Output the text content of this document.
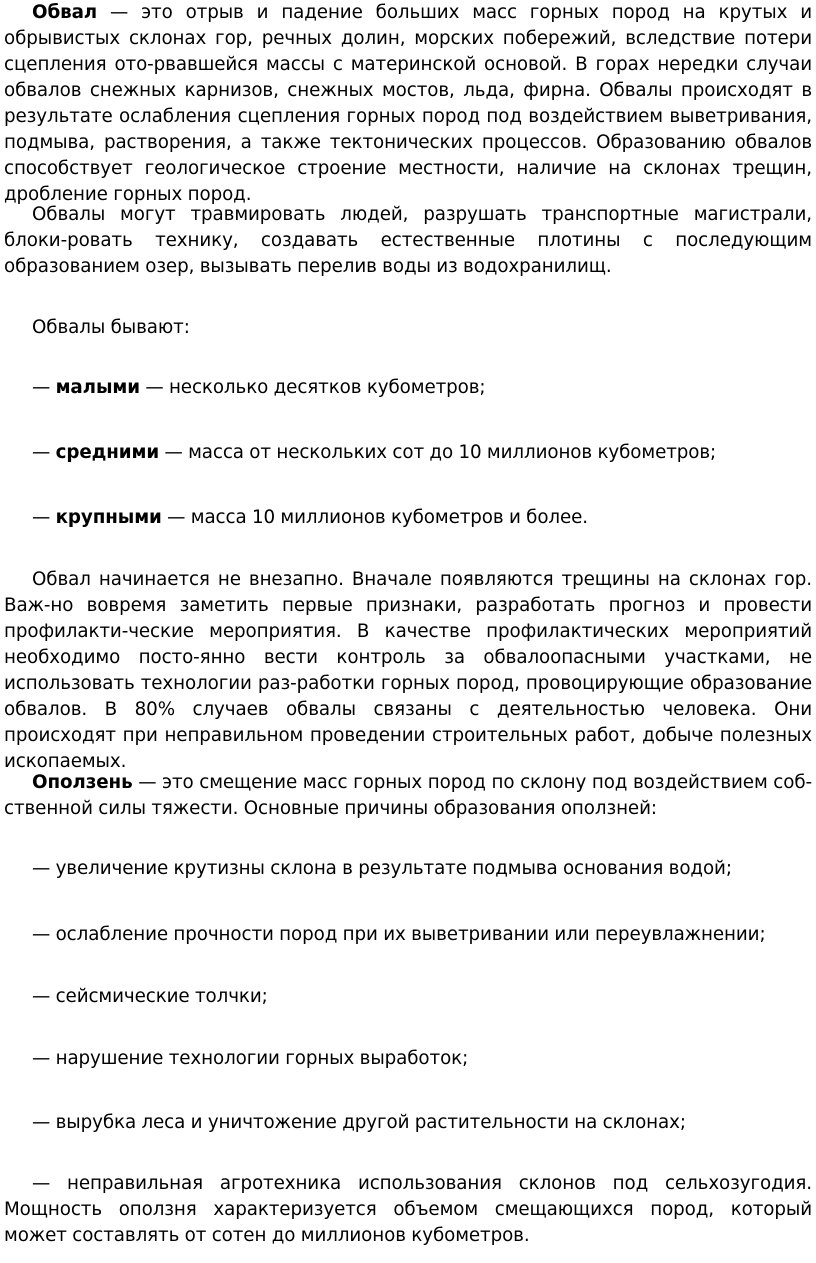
Обвал — это отрыв и падение больших масс горных пород на крутых и обрывистых склонах гор, речных долин, морских побережий, вследствие потери сцепления ото-рвавшейся массы с материнской основой. В горах нередки случаи обвалов снежных карнизов, снежных мостов, льда, фирна. Обвалы происходят в результате ослабления сцепления горных пород под воздействием выветривания, подмыва, растворения, а также тектонических процессов. Образованию обвалов способствует геологическое строение местности, наличие на склонах трещин, дробление горных пород.

Обвалы могут травмировать людей, разрушать транспортные магистрали, блоки-ровать технику, создавать естественные плотины с последующим образованием озер, вызывать перелив воды из водохранилищ.

Обвалы бывают:

— малыми — несколько десятков кубометров;

— средними — масса от нескольких сот до 10 миллионов кубометров;

— крупными — масса 10 миллионов кубометров и более.

Обвал начинается не внезапно. Вначале появляются трещины на склонах гор. Важ-но вовремя заметить первые признаки, разработать прогноз и провести профилакти-ческие мероприятия. В качестве профилактических мероприятий необходимо посто-янно вести контроль за обвалоопасными участками, не использовать технологии раз-работки горных пород, провоцирующие образование обвалов. В 80% случаев обвалы связаны с деятельностью человека. Они происходят при неправильном проведении строительных работ, добыче полезных ископаемых.

Оползень — это смещение масс горных пород по склону под воздействием соб-ственной силы тяжести. Основные причины образования оползней:

— увеличение крутизны склона в результате подмыва основания водой;

— ослабление прочности пород при их выветривании или переувлажнении;

— сейсмические толчки;

— нарушение технологии горных выработок;

— вырубка леса и уничтожение другой растительности на склонах;

— неправильная агротехника использования склонов под сельхозугодия. Мощность оползня характеризуется объемом смещающихся пород, который может составлять от сотен до миллионов кубометров.
